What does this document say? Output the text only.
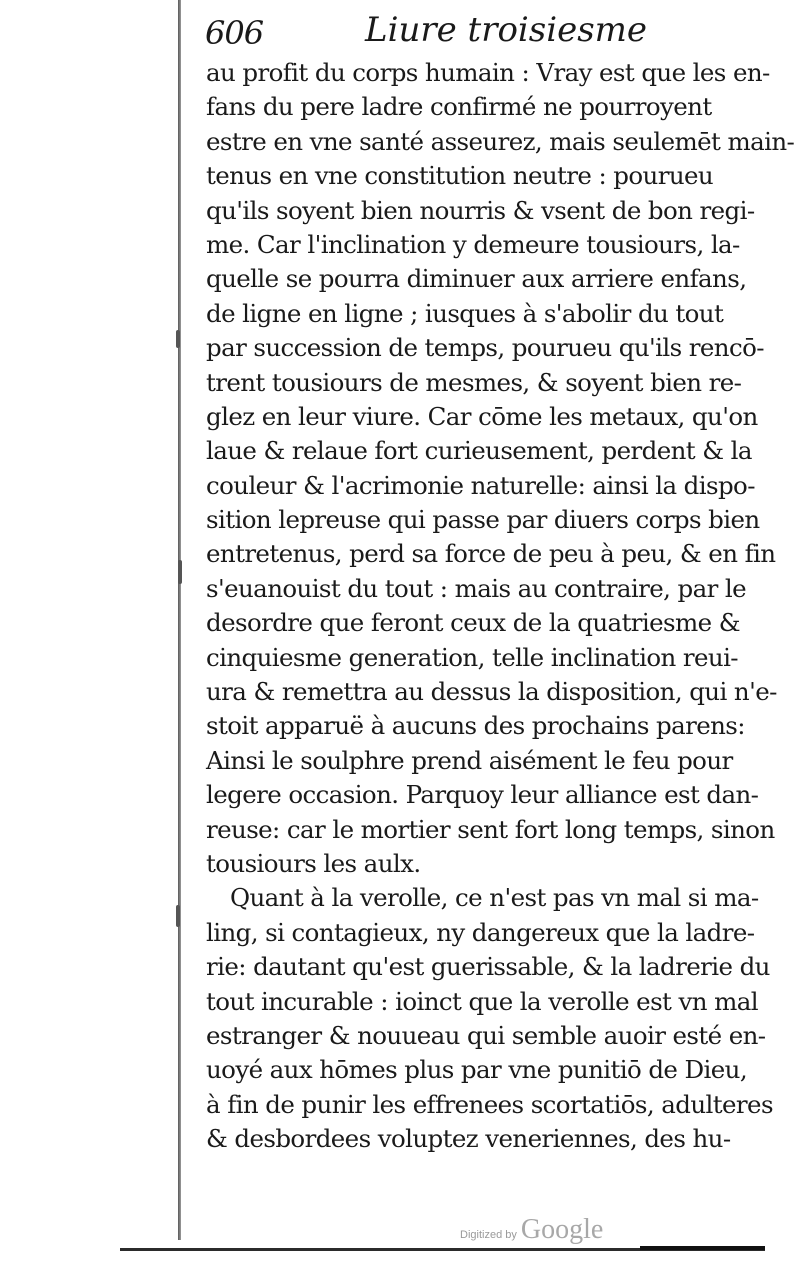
606	Liure troisiesme
au profit du corps humain : Vray est que les en-
fans du pere ladre confirmé ne pourroyent
estre en vne santé asseurez, mais seulemēt main-
tenus en vne constitution neutre : pourueu
qu'ils soyent bien nourris & vsent de bon regi-
me. Car l'inclination y demeure tousiours, la-
quelle se pourra diminuer aux arriere enfans,
de ligne en ligne ; iusques à s'abolir du tout
par succession de temps, pourueu qu'ils rencō-
trent tousiours de mesmes, & soyent bien re-
glez en leur viure. Car cōme les metaux, qu'on
laue & relaue fort curieusement, perdent & la
couleur & l'acrimonie naturelle: ainsi la dispo-
sition lepreuse qui passe par diuers corps bien
entretenus, perd sa force de peu à peu, & en fin
s'euanouist du tout : mais au contraire, par le
desordre que feront ceux de la quatriesme &
cinquiesme generation, telle inclination reui-
ura & remettra au dessus la disposition, qui n'e-
stoit apparuë à aucuns des prochains parens:
Ainsi le soulphre prend aisément le feu pour
legere occasion. Parquoy leur alliance est dan-
reuse: car le mortier sent fort long temps, sinon
tousiours les aulx.
Quant à la verolle, ce n'est pas vn mal si ma-
ling, si contagieux, ny dangereux que la ladre-
rie: dautant qu'est guerissable, & la ladrerie du
tout incurable : ioinct que la verolle est vn mal
estranger & nouueau qui semble auoir esté en-
uoyé aux hōmes plus par vne punitiō de Dieu,
à fin de punir les effrenees scortatiōs, adulteres
& desbordees voluptez veneriennes, des hu-
Digitized by Google
